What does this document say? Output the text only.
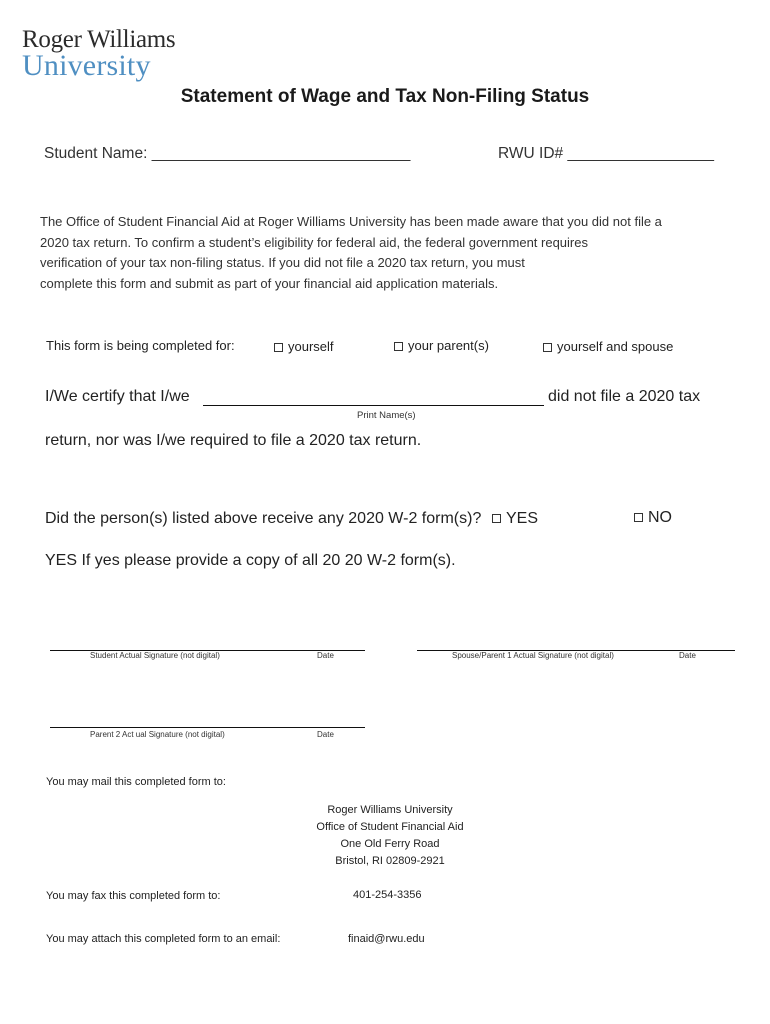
Roger Williams
University
Statement of Wage and Tax Non-Filing Status
Student Name: ______________________________	RWU ID# _________________
The Office of Student Financial Aid at Roger Williams University has been made aware that you did not file a
2020 tax return. To confirm a student’s eligibility for federal aid, the federal government requires
verification of your tax non-filing status. If you did not file a 2020 tax return, you must
complete this form and submit as part of your financial aid application materials.
This form is being completed for:	yourself	your parent(s)	yourself and spouse
I/We certify that I/we	did not file a 2020 tax
Print Name(s)
return, nor was I/we required to file a 2020 tax return.
Did the person(s) listed above receive any 2020 W-2 form(s)?	YES	NO
YES If yes please provide a copy of all 20 20 W-2 form(s).
Student Actual Signature (not digital)	Date	Spouse/Parent 1 Actual Signature (not digital)	Date
Parent 2 Act ual Signature (not digital)	Date
You may mail this completed form to:
Roger Williams University
Office of Student Financial Aid
One Old Ferry Road
Bristol, RI 02809-2921
You may fax this completed form to:	401-254-3356
You may attach this completed form to an email:	finaid@rwu.edu
